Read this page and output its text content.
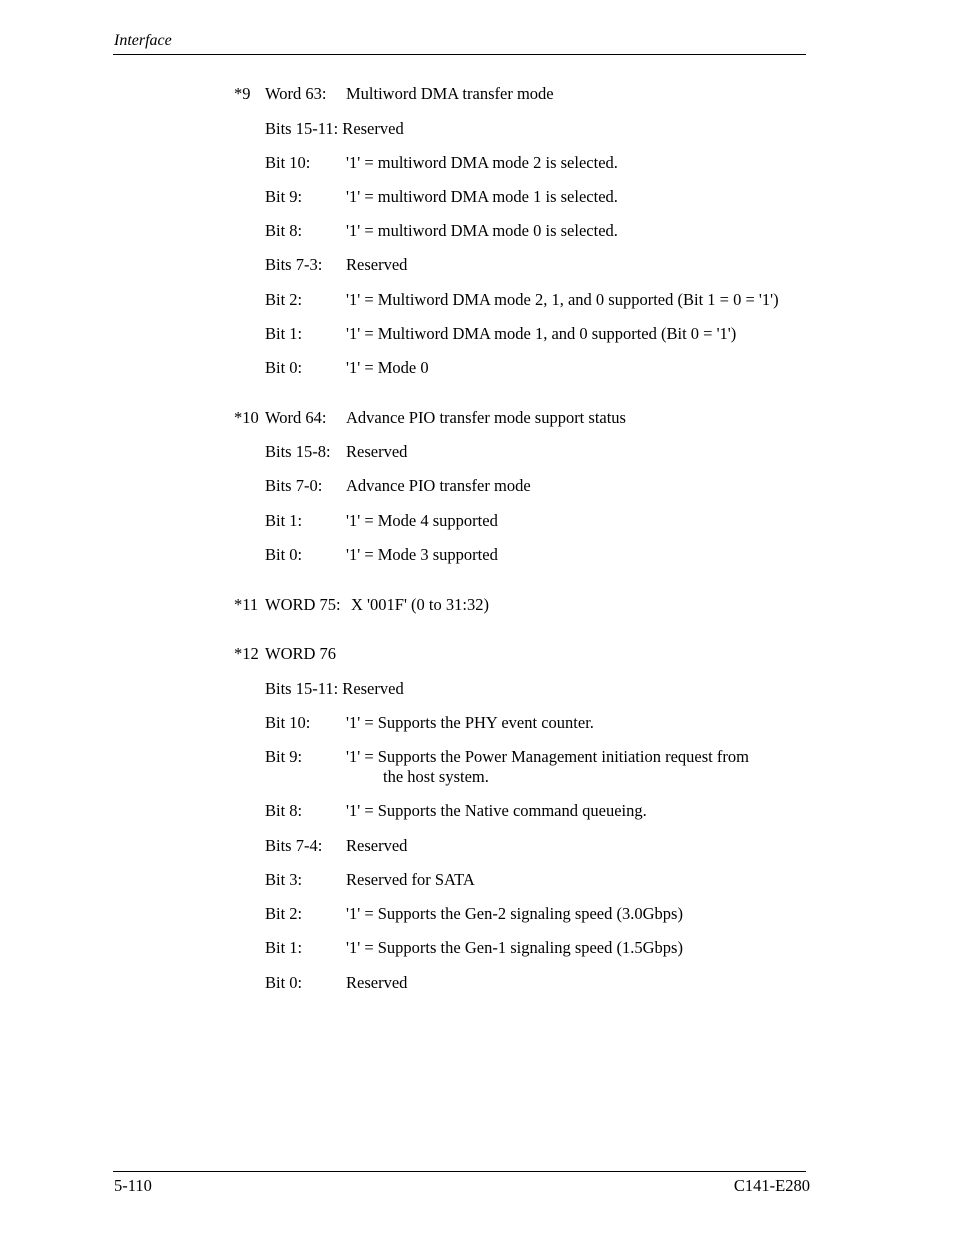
Interface
*9 Word 63: Multiword DMA transfer mode
Bits 15-11: Reserved
Bit 10: '1' = multiword DMA mode 2 is selected.
Bit 9:	'1' = multiword DMA mode 1 is selected.
Bit 8:	'1' = multiword DMA mode 0 is selected.
Bits 7-3: Reserved
Bit 2:	'1' = Multiword DMA mode 2, 1, and 0 supported (Bit 1 = 0 = '1')
Bit 1:	'1' = Multiword DMA mode 1, and 0 supported (Bit 0 = '1')
Bit 0:	'1' = Mode 0
*10 Word 64: Advance PIO transfer mode support status
Bits 15-8: Reserved
Bits 7-0: Advance PIO transfer mode
Bit 1:	'1' = Mode 4 supported
Bit 0:	'1' = Mode 3 supported
*11 WORD 75: X '001F' (0 to 31:32)
*12 WORD 76
Bits 15-11: Reserved
Bit 10: '1' = Supports the PHY event counter.
Bit 9:	'1' = Supports the Power Management initiation request from
the host system.
Bit 8:	'1' = Supports the Native command queueing.
Bits 7-4: Reserved
Bit 3:	Reserved for SATA
Bit 2:	'1' = Supports the Gen-2 signaling speed (3.0Gbps)
Bit 1:	'1' = Supports the Gen-1 signaling speed (1.5Gbps)
Bit 0:	Reserved
5-110	C141-E280
